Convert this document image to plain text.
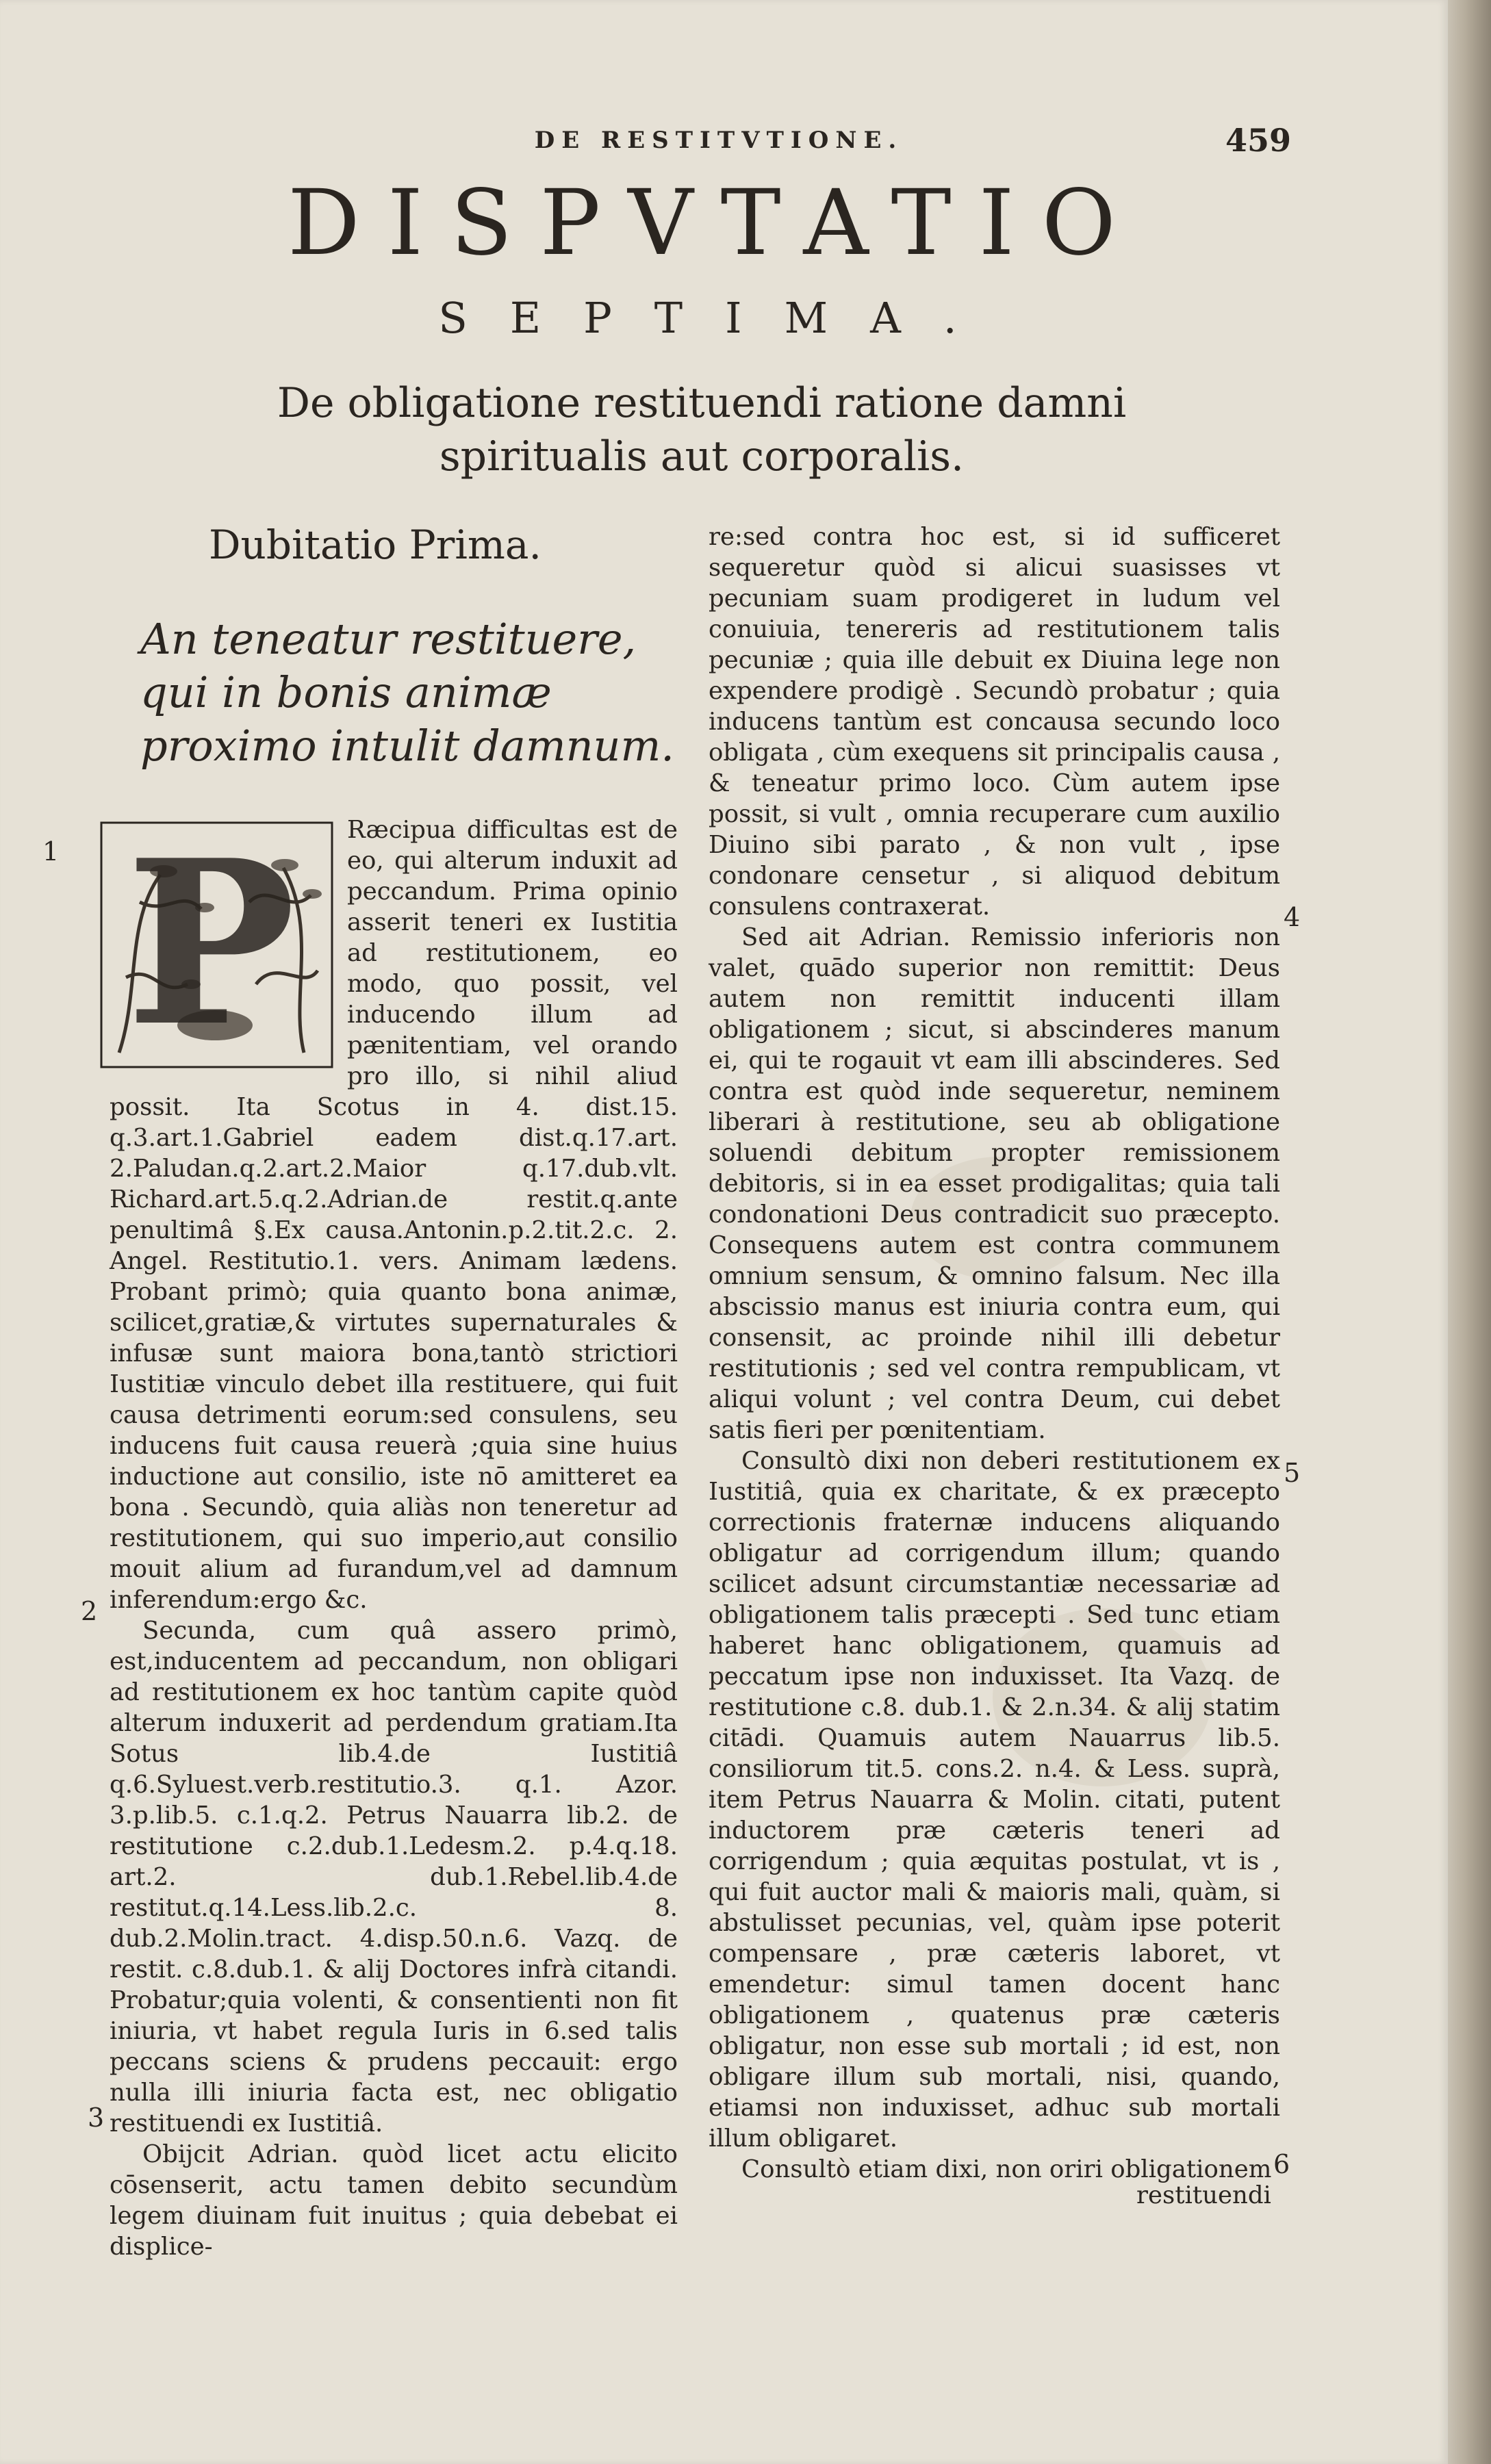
DE RESTITVTIONE.	459
DISPVTATIO
SEPTIMA.
De obligatione restituendi ratione damni spiritualis aut corporalis.
Dubitatio Prima.
An teneatur restituere, qui in bonis animæ proximo intulit damnum.
1
2
3
4
5
6
P	Ræcipua difficultas est de eo, qui alterum induxit ad peccandum. Prima opinio asserit teneri ex Iustitia ad restitutionem, eo modo, quo possit, vel inducendo illum ad pænitentiam, vel orando pro illo, si nihil aliud possit. Ita Scotus in 4. dist.15. q.3.art.1.Gabriel eadem dist.q.17.art. 2.Paludan.q.2.art.2.Maior q.17.dub.vlt. Richard.art.5.q.2.Adrian.de restit.q.ante penultimâ §.Ex causa.Antonin.p.2.tit.2.c. 2. Angel. Restitutio.1. vers. Animam lædens. Probant primò; quia quanto bona animæ, scilicet,gratiæ,& virtutes supernaturales & infusæ sunt maiora bona,tantò strictiori Iustitiæ vinculo debet illa restituere, qui fuit causa detrimenti eorum:sed consulens, seu inducens fuit causa reuerà ;quia sine huius inductione aut consilio, iste nō amitteret ea bona . Secundò, quia aliàs non teneretur ad restitutionem, qui suo imperio,aut consilio mouit alium ad furandum,vel ad damnum inferendum:ergo &c.

Secunda, cum quâ assero primò, est,inducentem ad peccandum, non obligari ad restitutionem ex hoc tantùm capite quòd alterum induxerit ad perdendum gratiam.Ita Sotus lib.4.de Iustitiâ q.6.Syluest.verb.restitutio.3. q.1. Azor. 3.p.lib.5. c.1.q.2. Petrus Nauarra lib.2. de restitutione c.2.dub.1.Ledesm.2. p.4.q.18. art.2. dub.1.Rebel.lib.4.de restitut.q.14.Less.lib.2.c. 8. dub.2.Molin.tract. 4.disp.50.n.6. Vazq. de restit. c.8.dub.1. & alij Doctores infrà citandi. Probatur;quia volenti, & consentienti non fit iniuria, vt habet regula Iuris in 6.sed talis peccans sciens & prudens peccauit: ergo nulla illi iniuria facta est, nec obligatio restituendi ex Iustitiâ.

Obijcit Adrian. quòd licet actu elicito cōsenserit, actu tamen debito secundùm legem diuinam fuit inuitus ; quia debebat ei displice-

re:sed contra hoc est, si id sufficeret sequeretur quòd si alicui suasisses vt pecuniam suam prodigeret in ludum vel conuiuia, tenereris ad restitutionem talis pecuniæ ; quia ille debuit ex Diuina lege non expendere prodigè . Secundò probatur ; quia inducens tantùm est concausa secundo loco obligata , cùm exequens sit principalis causa , & teneatur primo loco. Cùm autem ipse possit, si vult , omnia recuperare cum auxilio Diuino sibi parato , & non vult , ipse condonare censetur , si aliquod debitum consulens contraxerat.

Sed ait Adrian. Remissio inferioris non valet, quādo superior non remittit: Deus autem non remittit inducenti illam obligationem ; sicut, si abscinderes manum ei, qui te rogauit vt eam illi abscinderes. Sed contra est quòd inde sequeretur, neminem liberari à restitutione, seu ab obligatione soluendi debitum propter remissionem debitoris, si in ea esset prodigalitas; quia tali condonationi Deus contradicit suo præcepto. Consequens autem est contra communem omnium sensum, & omnino falsum. Nec illa abscissio manus est iniuria contra eum, qui consensit, ac proinde nihil illi debetur restitutionis ; sed vel contra rempublicam, vt aliqui volunt ; vel contra Deum, cui debet satis fieri per pœnitentiam.

Consultò dixi non deberi restitutionem ex Iustitiâ, quia ex charitate, & ex præcepto correctionis fraternæ inducens aliquando obligatur ad corrigendum illum; quando scilicet adsunt circumstantiæ necessariæ ad obligationem talis præcepti . Sed tunc etiam haberet hanc obligationem, quamuis ad peccatum ipse non induxisset. Ita Vazq. de restitutione c.8. dub.1. & 2.n.34. & alij statim citādi. Quamuis autem Nauarrus lib.5. consiliorum tit.5. cons.2. n.4. & Less. suprà, item Petrus Nauarra & Molin. citati, putent inductorem præ cæteris teneri ad corrigendum ; quia æquitas postulat, vt is , qui fuit auctor mali & maioris mali, quàm, si abstulisset pecunias, vel, quàm ipse poterit compensare , præ cæteris laboret, vt emendetur: simul tamen docent hanc obligationem , quatenus præ cæteris obligatur, non esse sub mortali ; id est, non obligare illum sub mortali, nisi, quando, etiamsi non induxisset, adhuc sub mortali illum obligaret.

Consultò etiam dixi, non oriri obligationem

restituendi
